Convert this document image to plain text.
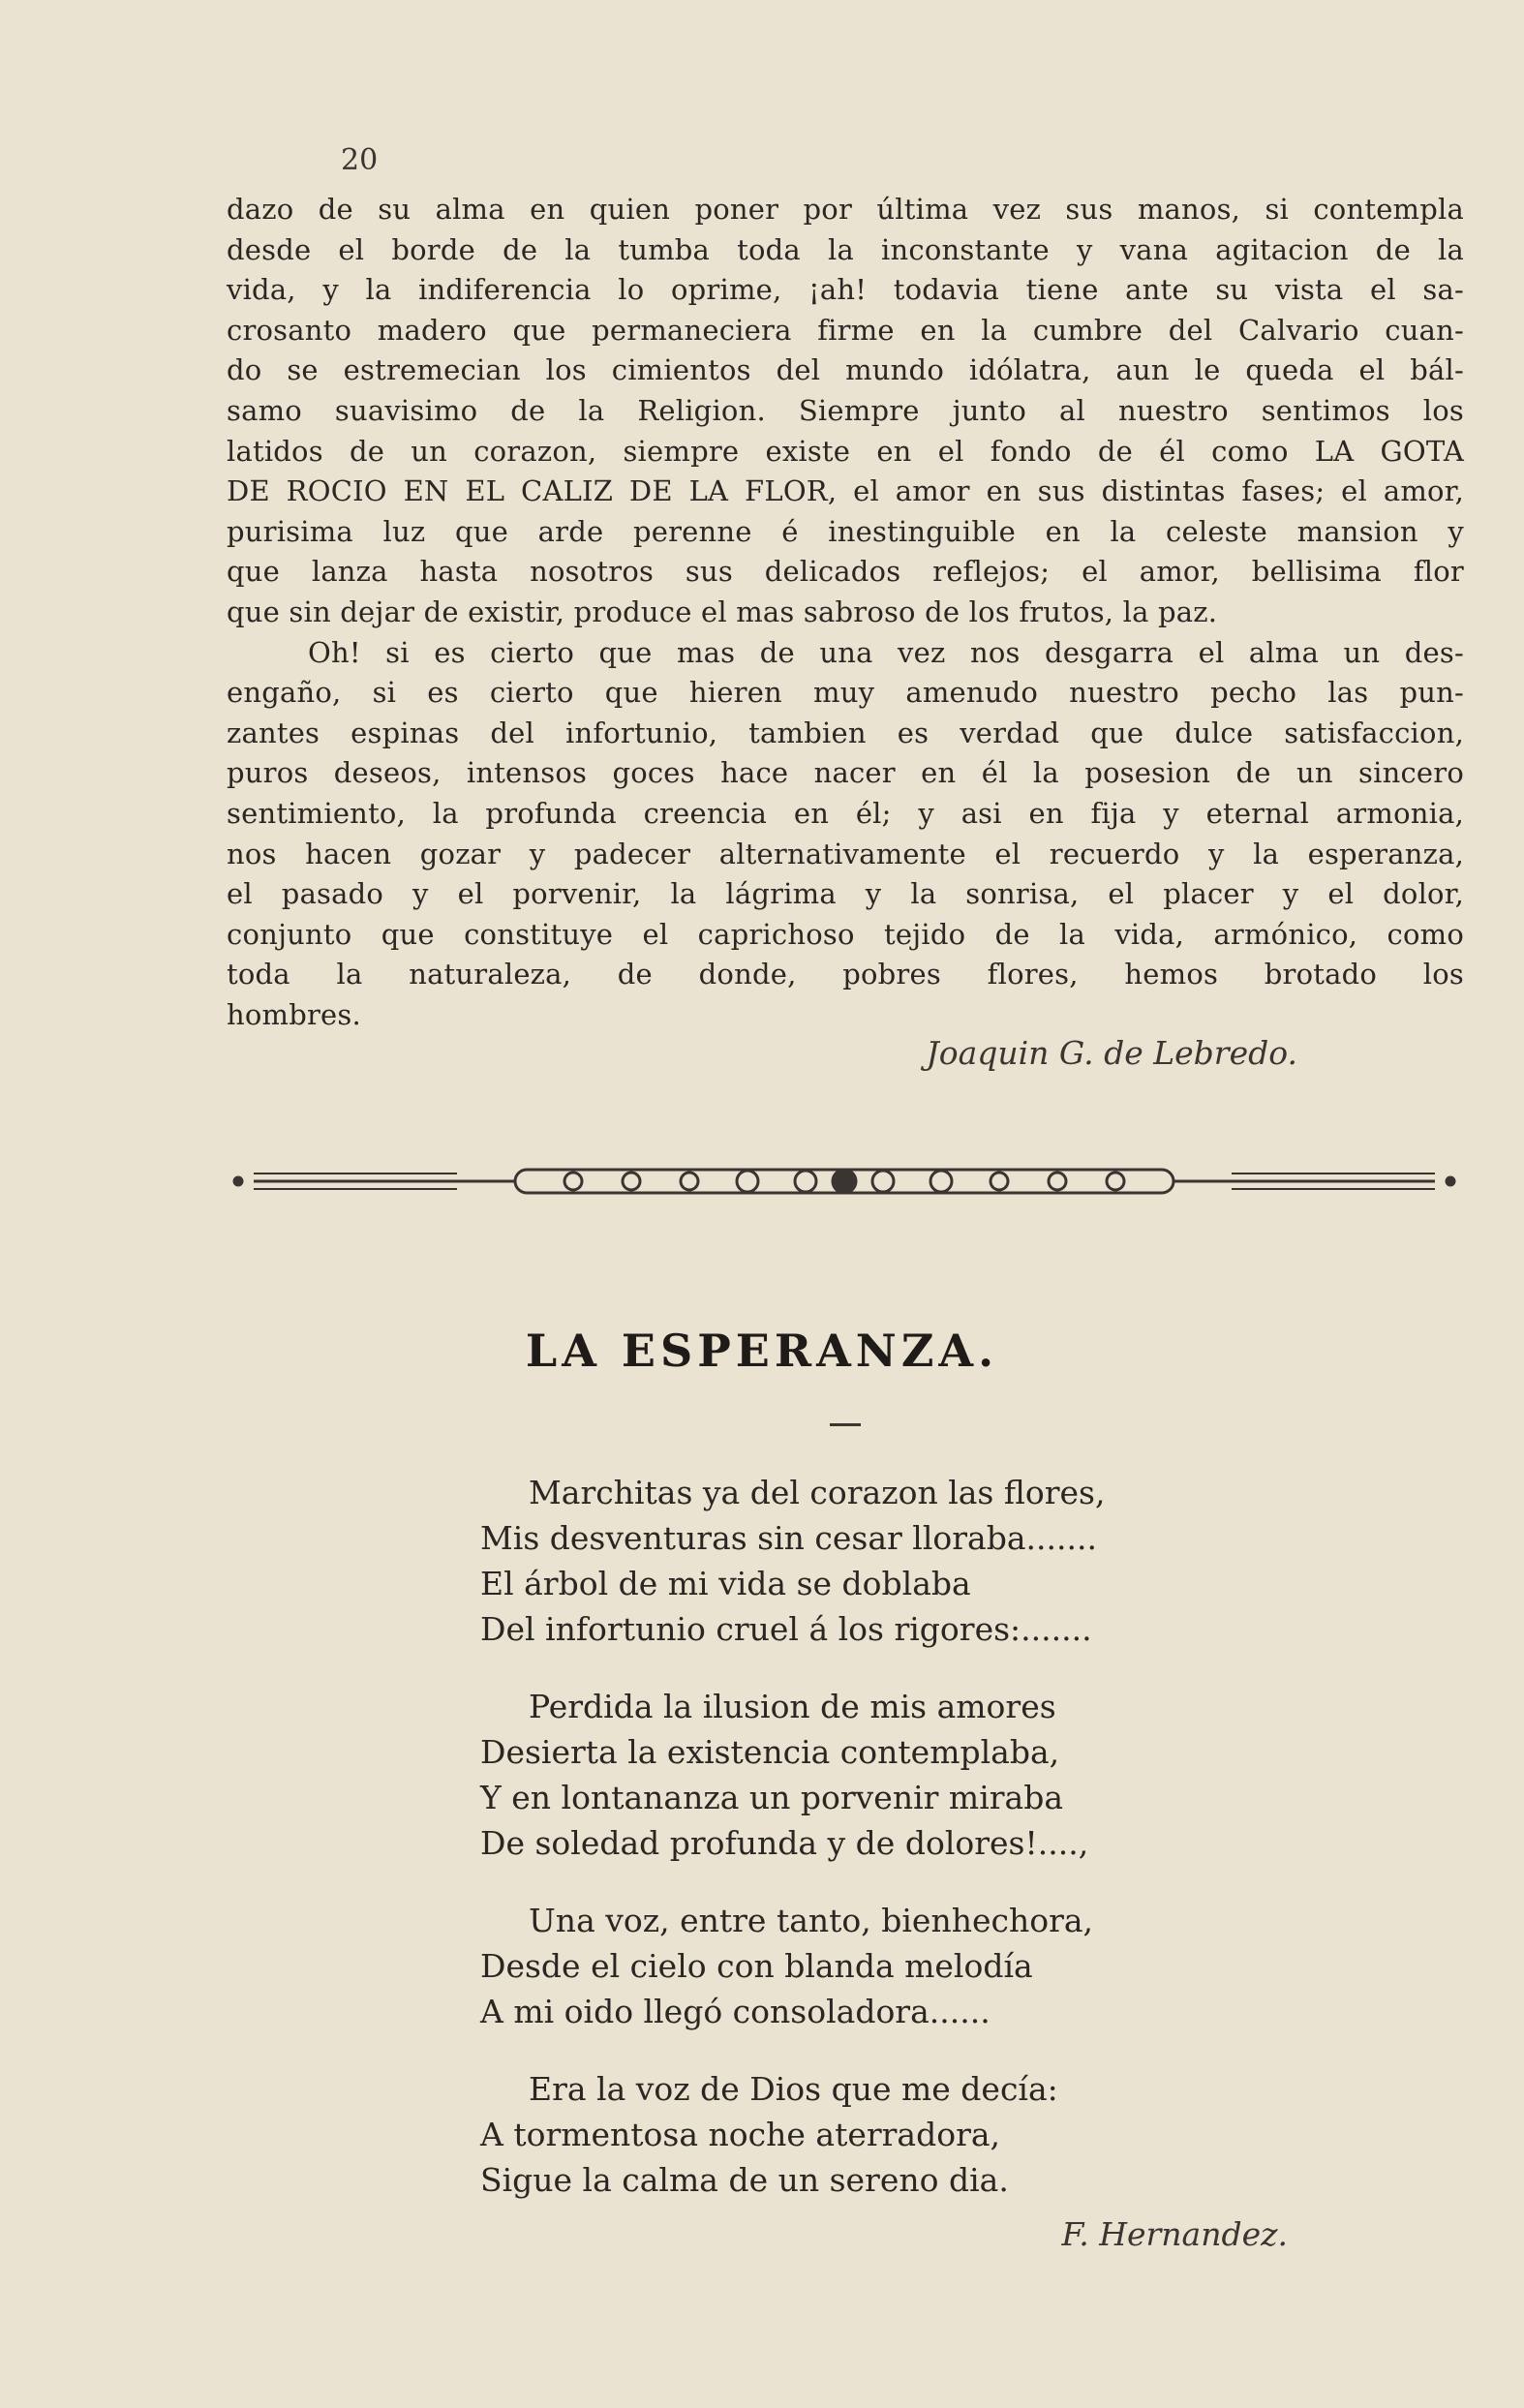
20

dazo de su alma en quien poner por última vez sus manos, si contempla

desde el borde de la tumba toda la inconstante y vana agitacion de la

vida, y la indiferencia lo oprime, ¡ah! todavia tiene ante su vista el sa-

crosanto madero que permaneciera firme en la cumbre del Calvario cuan-

do se estremecian los cimientos del mundo idólatra, aun le queda el bál-

samo suavisimo de la Religion. Siempre junto al nuestro sentimos los

latidos de un corazon, siempre existe en el fondo de él como LA GOTA

DE ROCIO EN EL CALIZ DE LA FLOR, el amor en sus distintas fases; el amor,

purisima luz que arde perenne é inestinguible en la celeste mansion y

que lanza hasta nosotros sus delicados reflejos; el amor, bellisima flor

que sin dejar de existir, produce el mas sabroso de los frutos, la paz.

Oh! si es cierto que mas de una vez nos desgarra el alma un des-

engaño, si es cierto que hieren muy amenudo nuestro pecho las pun-

zantes espinas del infortunio, tambien es verdad que dulce satisfaccion,

puros deseos, intensos goces hace nacer en él la posesion de un sincero

sentimiento, la profunda creencia en él; y asi en fija y eternal armonia,

nos hacen gozar y padecer alternativamente el recuerdo y la esperanza,

el pasado y el porvenir, la lágrima y la sonrisa, el placer y el dolor,

conjunto que constituye el caprichoso tejido de la vida, armónico, como

toda la naturaleza, de donde, pobres flores, hemos brotado los

hombres.

Joaquin G. de Lebredo.
LA ESPERANZA.
Marchitas ya del corazon las flores,
Mis desventuras sin cesar lloraba.......
El árbol de mi vida se doblaba
Del infortunio cruel á los rigores:.......
Perdida la ilusion de mis amores
Desierta la existencia contemplaba,
Y en lontananza un porvenir miraba
De soledad profunda y de dolores!....,
Una voz, entre tanto, bienhechora,
Desde el cielo con blanda melodía
A mi oido llegó consoladora......
Era la voz de Dios que me decía:
A tormentosa noche aterradora,
Sigue la calma de un sereno dia.
F. Hernandez.
